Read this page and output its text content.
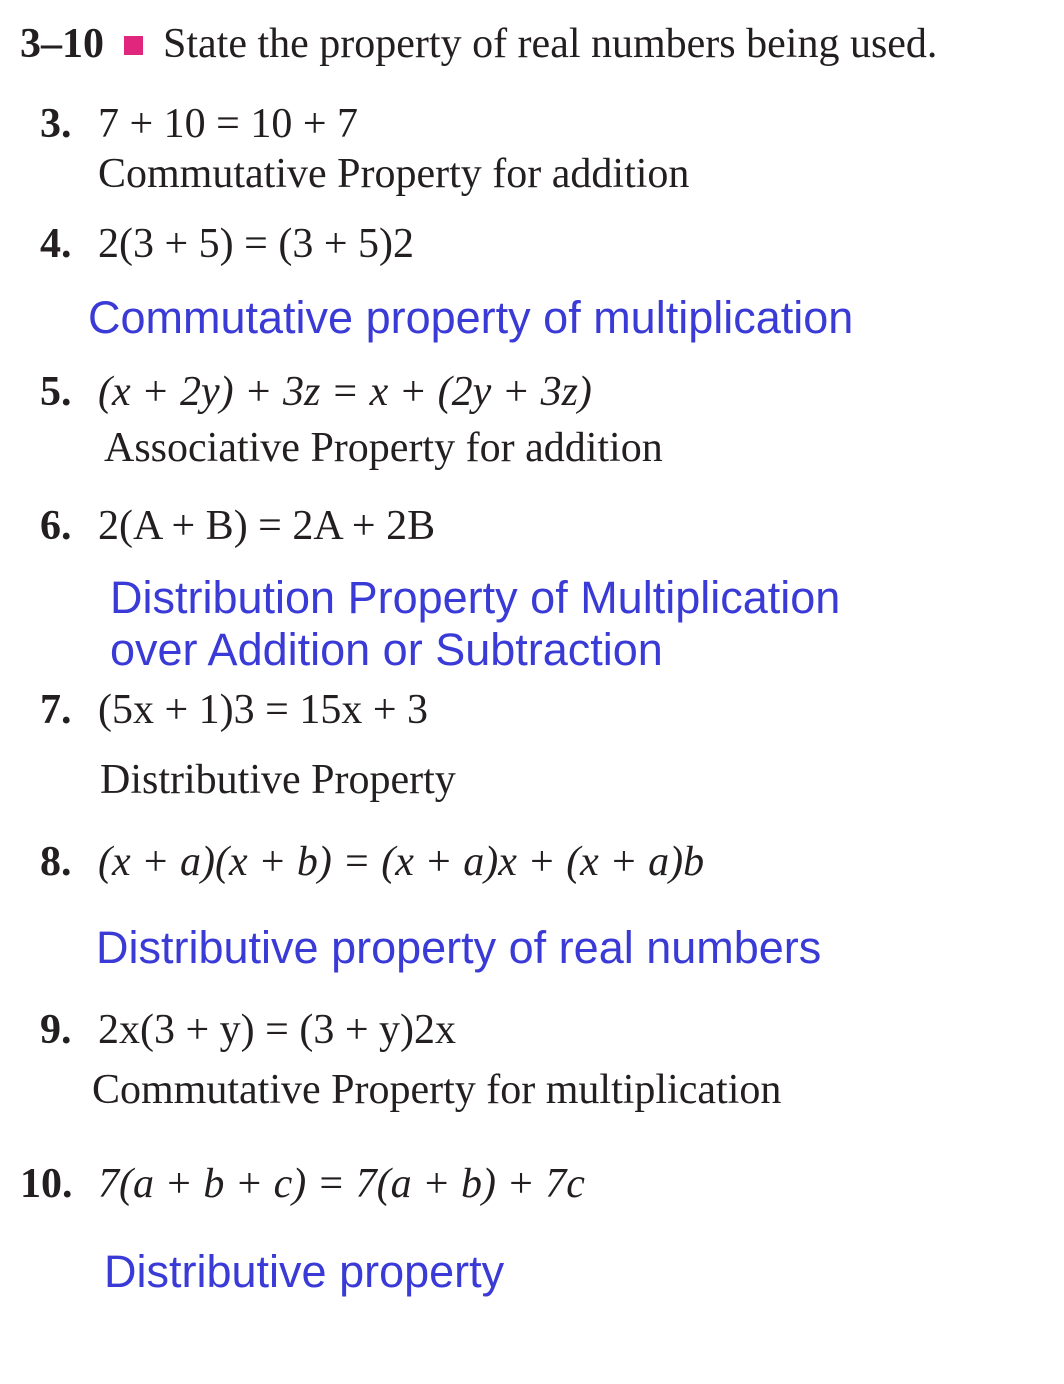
3–10 State the property of real numbers being used.
3. 7 + 10 = 10 + 7
Commutative Property for addition
4. 2(3 + 5) = (3 + 5)2
Commutative property of multiplication
5. (x + 2y) + 3z = x + (2y + 3z)
Associative Property for addition
6. 2(A + B) = 2A + 2B
Distribution Property of Multiplication
over Addition or Subtraction
7. (5x + 1)3 = 15x + 3
Distributive Property
8. (x + a)(x + b) = (x + a)x + (x + a)b
Distributive property of real numbers
9. 2x(3 + y) = (3 + y)2x
Commutative Property for multiplication
10. 7(a + b + c) = 7(a + b) + 7c
Distributive property
